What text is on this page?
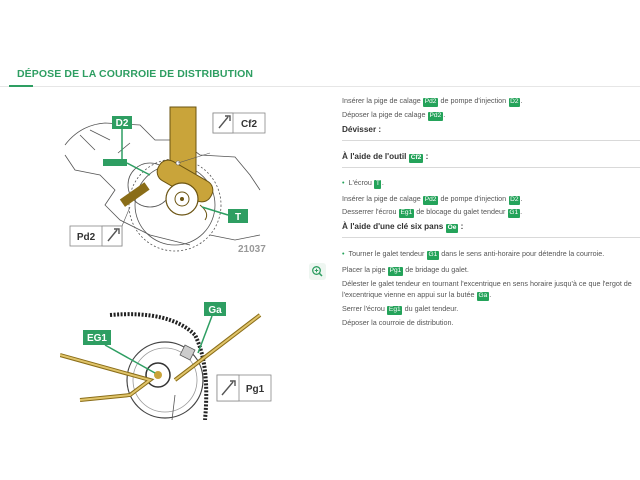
DÉPOSE DE LA COURROIE DE DISTRIBUTION
D2	Cf2
T
Pd2
21037
Ga
EG1
Pg1
Insérer la pige de calage Pd2 de pompe d'injection D2 .
Déposer la pige de calage Pd2 .
Dévisser :
À l'aide de l'outil Cf2 :
• L'écrou T .
Insérer la pige de calage Pd2 de pompe d'injection D2 .
Desserrer l'écrou Eg1 de blocage du galet tendeur G1 .
À l'aide d'une clé six pans Oe :
• Tourner le galet tendeur G1 dans le sens anti-horaire pour détendre la courroie.
Placer la pige Pg1 de bridage du galet.
Délester le galet tendeur en tournant l'excentrique en sens horaire jusqu'à ce que l'ergot de
l'excentrique vienne en appui sur la butée Ga .
Serrer l'écrou Eg1 du galet tendeur.
Déposer la courroie de distribution.
